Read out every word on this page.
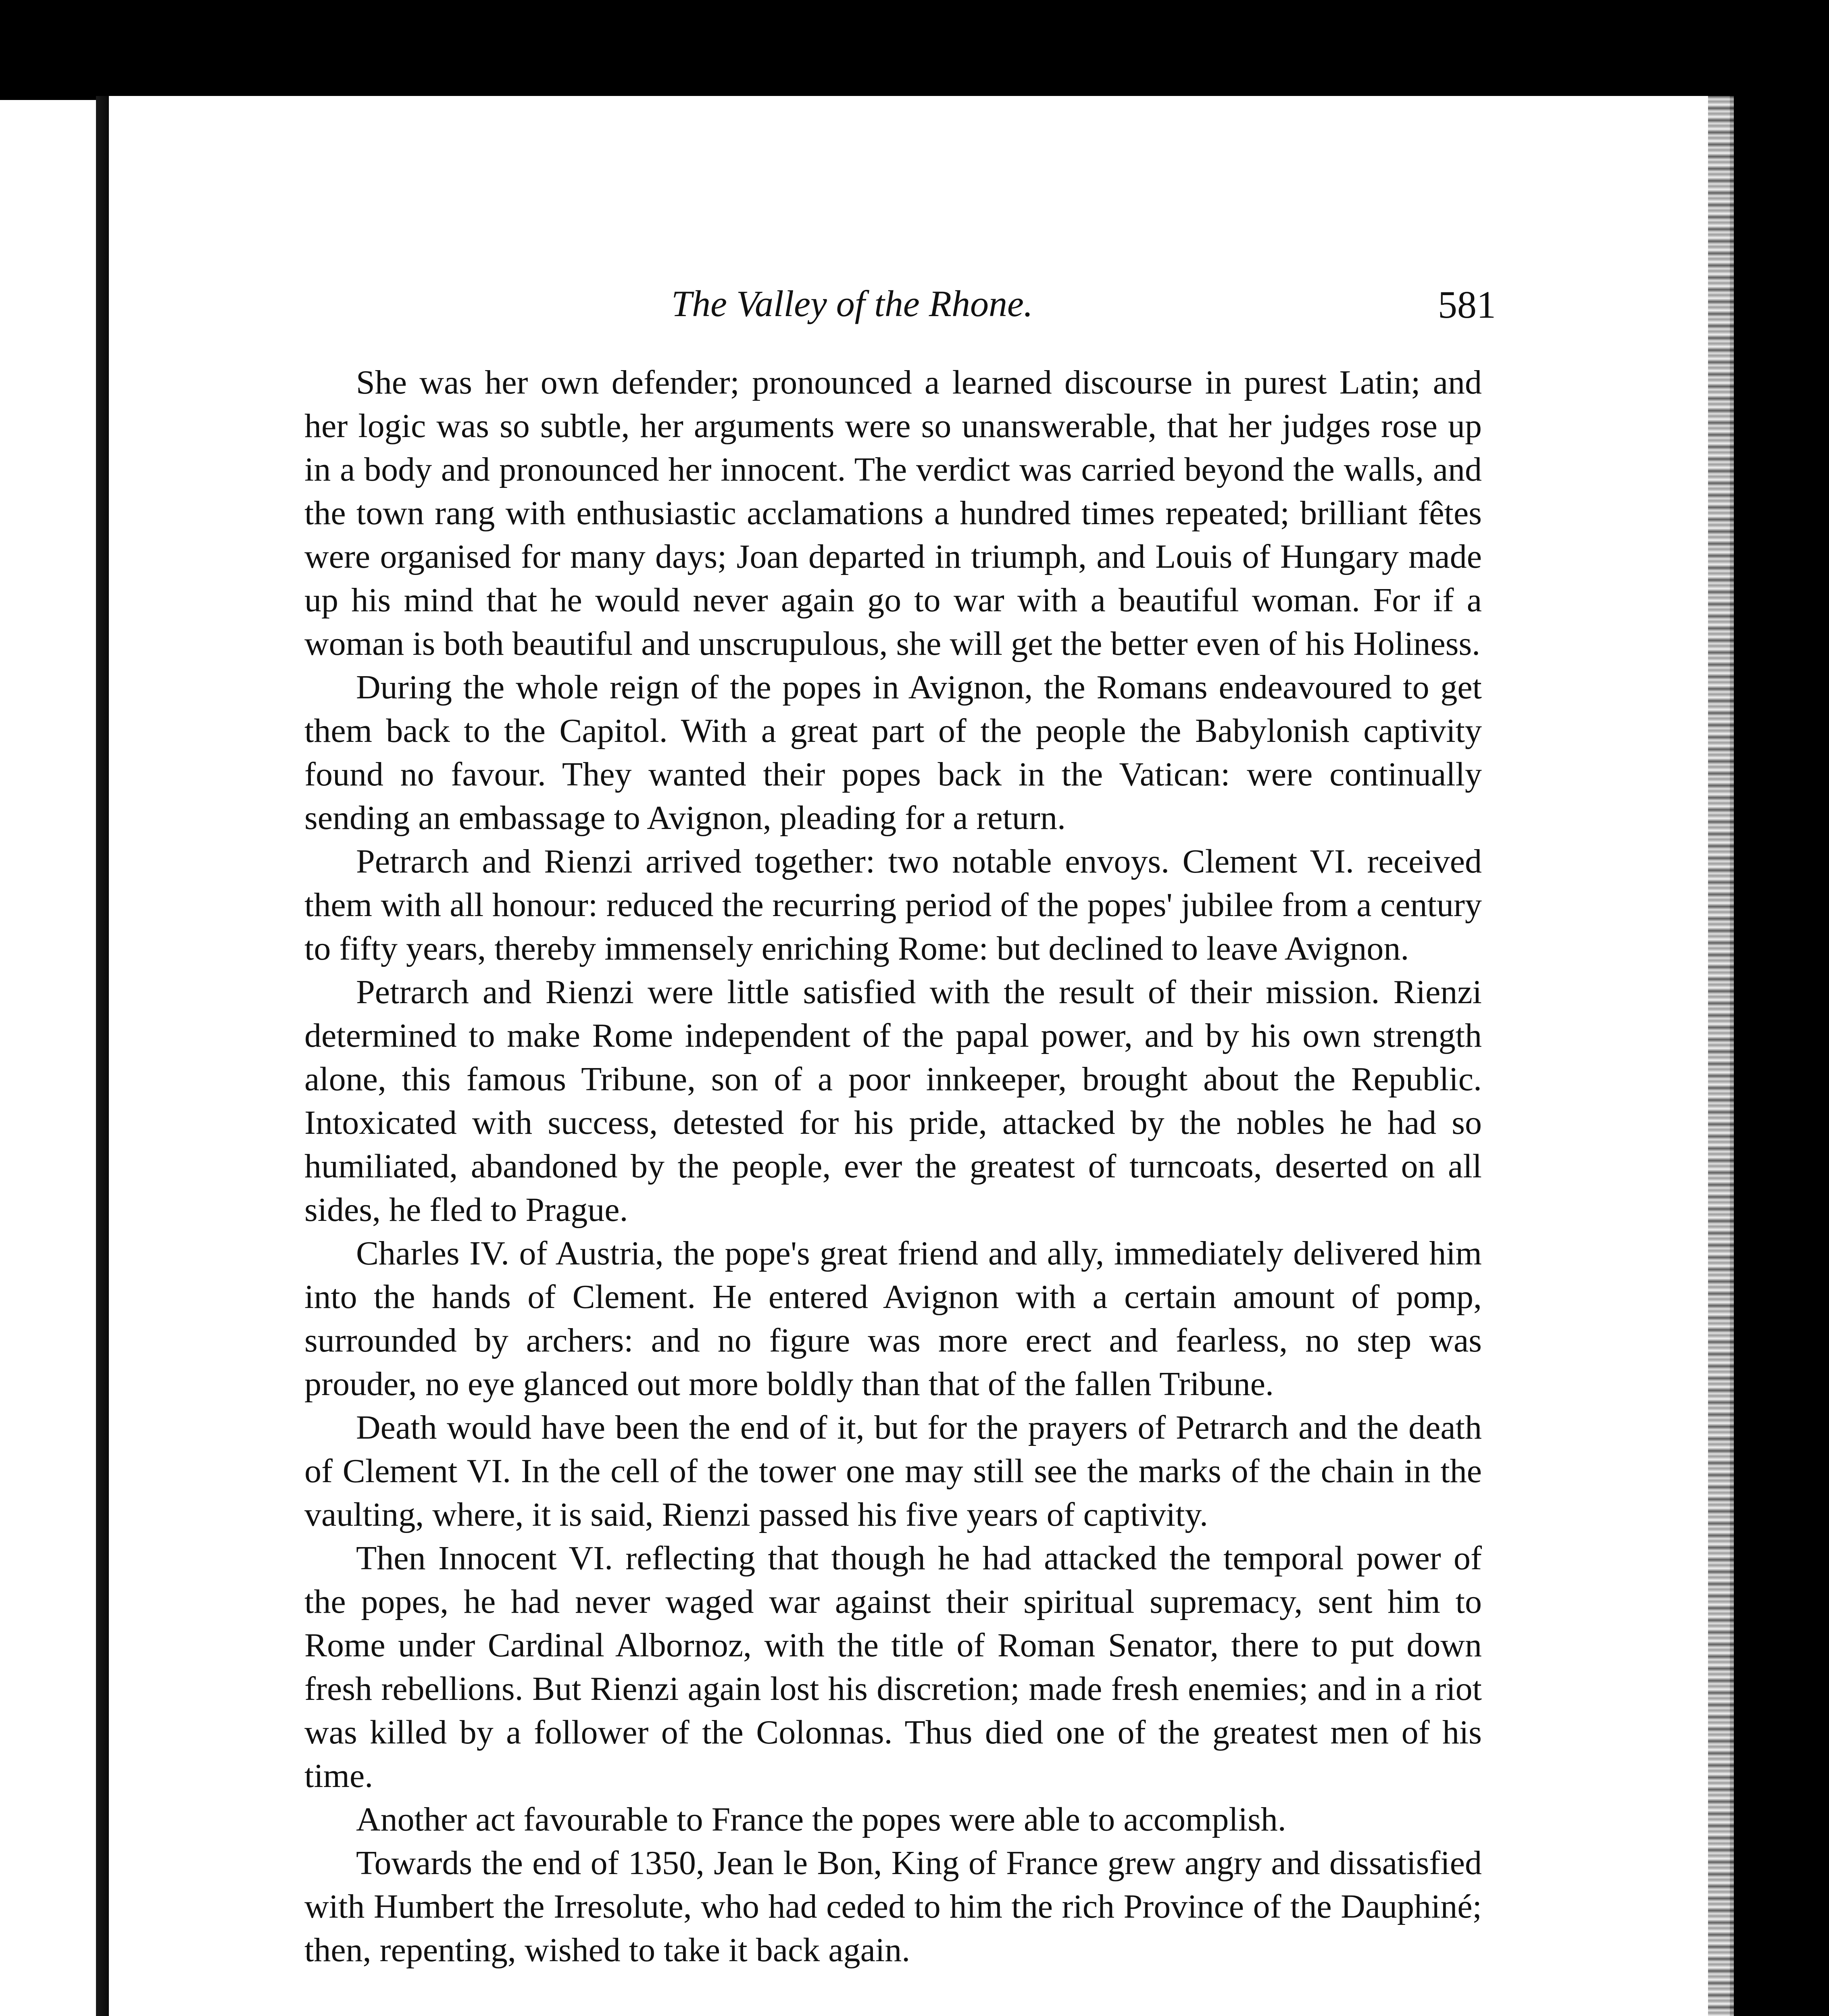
The Valley of the Rhone.	581

She was her own defender; pronounced a learned discourse in purest Latin; and her logic was so subtle, her arguments were so unanswerable, that her judges rose up in a body and pronounced her innocent. The verdict was carried beyond the walls, and the town rang with enthusiastic acclamations a hundred times repeated; brilliant fêtes were organised for many days; Joan departed in triumph, and Louis of Hungary made up his mind that he would never again go to war with a beautiful woman. For if a woman is both beautiful and unscrupulous, she will get the better even of his Holiness.

During the whole reign of the popes in Avignon, the Romans endeavoured to get them back to the Capitol. With a great part of the people the Babylonish captivity found no favour. They wanted their popes back in the Vatican: were continually sending an embassage to Avignon, pleading for a return.

Petrarch and Rienzi arrived together: two notable envoys. Clement VI. received them with all honour: reduced the recurring period of the popes' jubilee from a century to fifty years, thereby immensely enriching Rome: but declined to leave Avignon.

Petrarch and Rienzi were little satisfied with the result of their mission. Rienzi determined to make Rome independent of the papal power, and by his own strength alone, this famous Tribune, son of a poor innkeeper, brought about the Republic. Intoxicated with success, detested for his pride, attacked by the nobles he had so humiliated, abandoned by the people, ever the greatest of turncoats, deserted on all sides, he fled to Prague.

Charles IV. of Austria, the pope's great friend and ally, immediately delivered him into the hands of Clement. He entered Avignon with a certain amount of pomp, surrounded by archers: and no figure was more erect and fearless, no step was prouder, no eye glanced out more boldly than that of the fallen Tribune.

Death would have been the end of it, but for the prayers of Petrarch and the death of Clement VI. In the cell of the tower one may still see the marks of the chain in the vaulting, where, it is said, Rienzi passed his five years of captivity.

Then Innocent VI. reflecting that though he had attacked the temporal power of the popes, he had never waged war against their spiritual supremacy, sent him to Rome under Cardinal Albornoz, with the title of Roman Senator, there to put down fresh rebellions. But Rienzi again lost his discretion; made fresh enemies; and in a riot was killed by a follower of the Colonnas. Thus died one of the greatest men of his time.

Another act favourable to France the popes were able to accomplish.

Towards the end of 1350, Jean le Bon, King of France grew angry and dissatisfied with Humbert the Irresolute, who had ceded to him the rich Province of the Dauphiné; then, repenting, wished to take it back again.
